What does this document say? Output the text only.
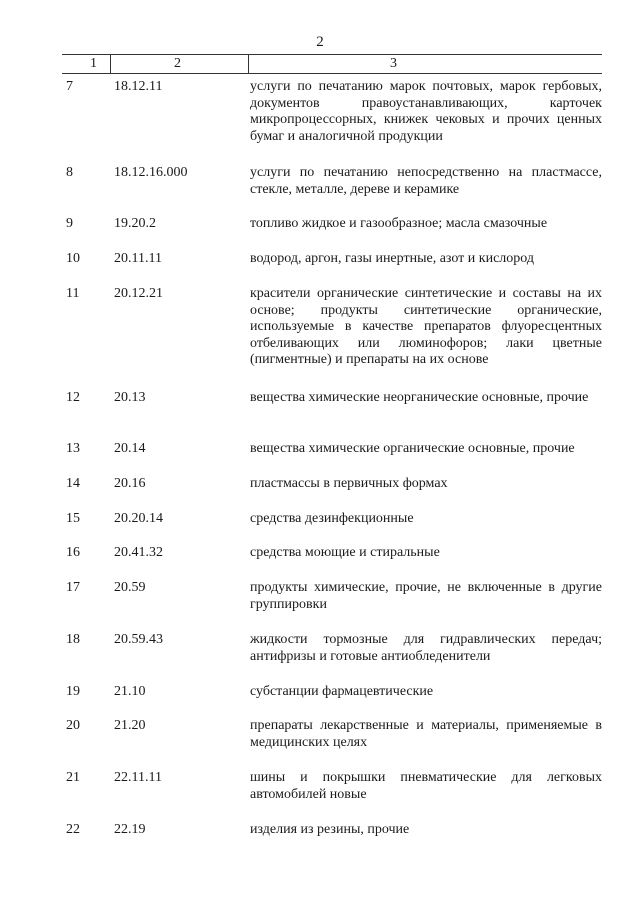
2
1	2	3
7	18.12.11	услуги по печатанию марок почтовых, марок гербовых, документов правоустанавливающих, карточек микропроцессорных, книжек чековых и прочих ценных бумаг и аналогичной продукции
8	18.12.16.000	услуги по печатанию непосредственно на пластмассе, стекле, металле, дереве и керамике
9	19.20.2	топливо жидкое и газообразное; масла смазочные
10 20.11.11	водород, аргон, газы инертные, азот и кислород
11 20.12.21	красители органические синтетические и составы на их основе; продукты синтетические органические, используемые в качестве препаратов флуоресцентных отбеливающих или люминофоров; лаки цветные (пигментные) и препараты на их основе
12 20.13	вещества химические неорганические основные, прочие
13 20.14	вещества химические органические основные, прочие
14 20.16	пластмассы в первичных формах
15 20.20.14	средства дезинфекционные
16 20.41.32	средства моющие и стиральные
17 20.59	продукты химические, прочие, не включенные в другие группировки
18 20.59.43	жидкости тормозные для гидравлических передач; антифризы и готовые антиобледенители
19 21.10	субстанции фармацевтические
20 21.20	препараты лекарственные и материалы, применяемые в медицинских целях
21 22.11.11	шины и покрышки пневматические для легковых автомобилей новые
22 22.19	изделия из резины, прочие
